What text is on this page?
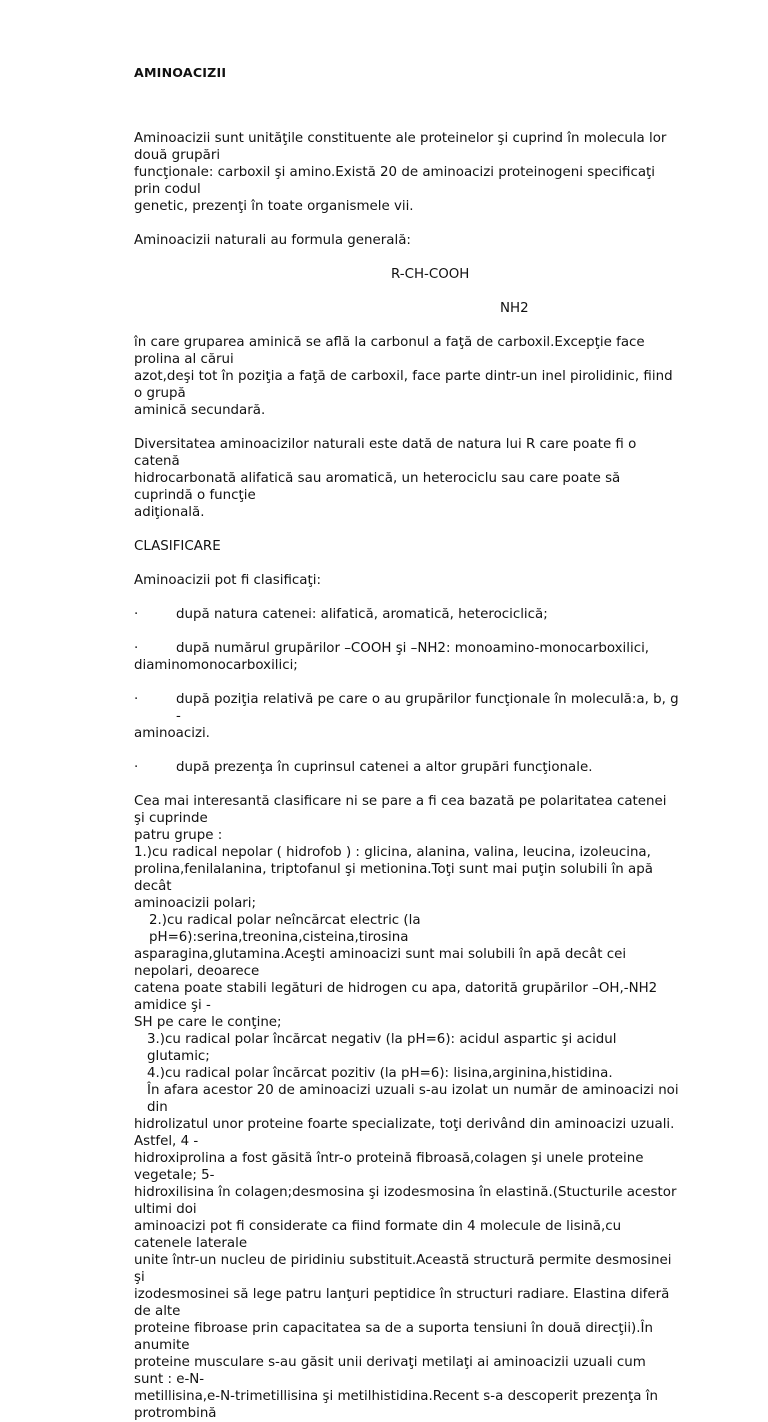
AMINOACIZII

Aminoacizii sunt unităţile constituente ale proteinelor şi cuprind în molecula lor două grupări

funcţionale: carboxil şi amino.Există 20 de aminoacizi proteinogeni specificaţi prin codul

genetic, prezenţi în toate organismele vii.

Aminoacizii naturali au formula generală:

R-CH-COOH

NH2

în care gruparea aminică se află la carbonul a faţă de carboxil.Excepţie face prolina al cărui

azot,deşi tot în poziţia a faţă de carboxil, face parte dintr-un inel pirolidinic, fiind o grupă

aminică secundară.

Diversitatea aminoacizilor naturali este dată de natura lui R care poate fi o catenă

hidrocarbonată alifatică sau aromatică, un heterociclu sau care poate să cuprindă o funcţie

adiţională.

CLASIFICARE

Aminoacizii pot fi clasificaţi:

·	după natura catenei: alifatică, aromatică, heterociclică;
·	după numărul grupărilor –COOH şi –NH2: monoamino-monocarboxilici,

diaminomonocarboxilici;

·	după poziţia relativă pe care o au grupărilor funcţionale în moleculă:a, b, g -

aminoacizi.

·	după prezenţa în cuprinsul catenei a altor grupări funcţionale.

Cea mai interesantă clasificare ni se pare a fi cea bazată pe polaritatea catenei şi cuprinde

patru grupe :

1.)cu radical nepolar ( hidrofob ) : glicina, alanina, valina, leucina, izoleucina,

prolina,fenilalanina, triptofanul şi metionina.Toţi sunt mai puţin solubili în apă decât

aminoacizii polari;

2.)cu radical polar neîncărcat electric (la pH=6):serina,treonina,cisteina,tirosina

asparagina,glutamina.Aceşti aminoacizi sunt mai solubili în apă decât cei nepolari, deoarece

catena poate stabili legături de hidrogen cu apa, datorită grupărilor –OH,-NH2 amidice şi -

SH pe care le conţine;

3.)cu radical polar încărcat negativ (la pH=6): acidul aspartic şi acidul glutamic;

4.)cu radical polar încărcat pozitiv (la pH=6): lisina,arginina,histidina.

În afara acestor 20 de aminoacizi uzuali s-au izolat un număr de aminoacizi noi din

hidrolizatul unor proteine foarte specializate, toţi derivând din aminoacizi uzuali. Astfel, 4 -

hidroxiprolina a fost găsită într-o proteină fibroasă,colagen şi unele proteine vegetale; 5-

hidroxilisina în colagen;desmosina şi izodesmosina în elastină.(Stucturile acestor ultimi doi

aminoacizi pot fi considerate ca fiind formate din 4 molecule de lisină,cu catenele laterale

unite într-un nucleu de piridiniu substituit.Această structură permite desmosinei şi

izodesmosinei să lege patru lanţuri peptidice în structuri radiare. Elastina diferă de alte

proteine fibroase prin capacitatea sa de a suporta tensiuni în două direcţii).În anumite

proteine musculare s-au găsit unii derivaţi metilaţi ai aminoacizii uzuali cum sunt : e-N-

metillisina,e-N-trimetillisina şi metilhistidina.Recent s-a descoperit prezenţa în protrombină
